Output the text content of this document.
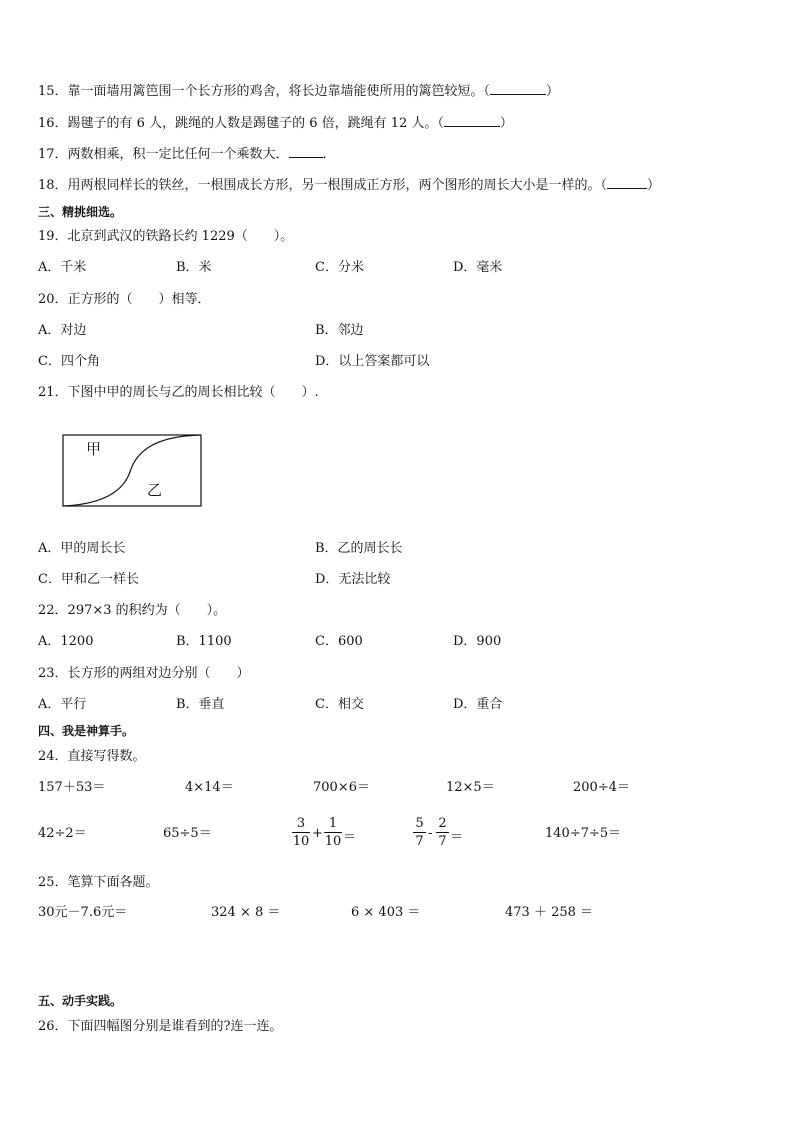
15．靠一面墙用篱笆围一个长方形的鸡舍，将长边靠墙能使所用的篱笆较短。（	）
16．踢毽子的有 6 人，跳绳的人数是踢毽子的 6 倍，跳绳有 12 人。（	）
17．两数相乘，积一定比任何一个乘数大．	．
18．用两根同样长的铁丝，一根围成长方形，另一根围成正方形，两个图形的周长大小是一样的。（	）
三、精挑细选。
19．北京到武汉的铁路长约 1229（　　）。
A．千米	B．米	C．分米	D．毫米
20．正方形的（　　）相等．
A．对边	B．邻边
C．四个角	D．以上答案都可以
21．下图中甲的周长与乙的周长相比较（　　）.
甲
乙
A．甲的周长长	B．乙的周长长
C．甲和乙一样长	D．无法比较
22．297×3 的积约为（　　）。
A．1200	B．1100	C．600	D．900
23．长方形的两组对边分别（　　）
A．平行	B．垂直	C．相交	D．重合
四、我是神算手。
24．直接写得数。
157＋53＝	4×14＝	700×6＝	12×5＝	200÷4＝
42÷2＝	65÷5＝	$\frac{3}{10} + \frac{1}{10}$ ＝	$\frac{5}{7} - \frac{2}{7}$ ＝	140÷7÷5＝
25．笔算下面各题。
30元－7.6元＝	324 × 8 ＝	6 × 403 ＝	473 ＋ 258 ＝
五、动手实践。
26．下面四幅图分别是谁看到的?连一连。
